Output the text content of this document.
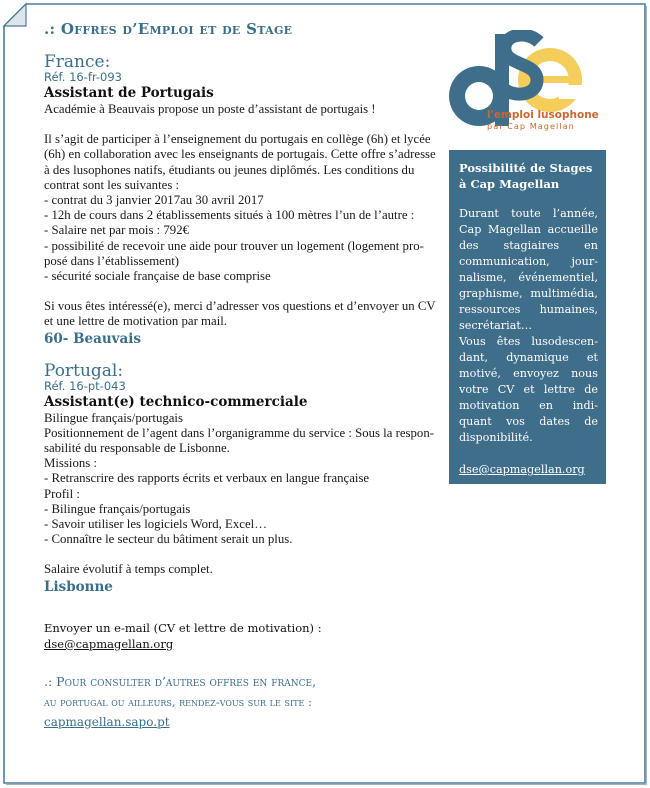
.: Offres d’Emploi et de Stage
France:
Réf. 16-fr-093
Assistant de Portugais

Académie à Beauvais propose un poste d’assistant de portugais !

Il s’agit de participer à l’enseignement du portugais en collège (6h) et lycée (6h) en collaboration avec les enseignants de portugais. Cette offre s’adresse à des lusophones natifs, étudiants ou jeunes diplômés. Les conditions du contrat sont les suivantes :

- contrat du 3 janvier 2017au 30 avril 2017

- 12h de cours dans 2 établissements situés à 100 mètres l’un de l’autre :

- Salaire net par mois : 792€

- possibilité de recevoir une aide pour trouver un logement (logement pro-posé dans l’établissement)

- sécurité sociale française de base comprise

Si vous êtes intéressé(e), merci d’adresser vos questions et d’envoyer un CV et une lettre de motivation par mail.

60- Beauvais
Portugal:
Réf. 16-pt-043
Assistant(e) technico-commerciale

Bilingue français/portugais

Positionnement de l’agent dans l’organigramme du service : Sous la respon-sabilité du responsable de Lisbonne.

Missions :

- Retranscrire des rapports écrits et verbaux en langue française

Profil :

- Bilingue français/portugais

- Savoir utiliser les logiciels Word, Excel…

- Connaître le secteur du bâtiment serait un plus.

Salaire évolutif à temps complet.

Lisbonne
Envoyer un e-mail (CV et lettre de motivation) :
dse@capmagellan.org
.: Pour consulter d’autres offres en france,
au portugal ou ailleurs, rendez-vous sur le site :
capmagellan.sapo.pt
l'emploi lusophone
par Cap Magellan
Possibilité de Stages à Cap Magellan
Durant toute l’année, Cap Magellan accueille des stagiaires en communication, jour-nalisme, événementiel, graphisme, multimédia, ressources humaines, secrétariat…
Vous êtes lusodescen-dant, dynamique et motivé, envoyez nous votre CV et lettre de motivation en indi-quant vos dates de disponibilité.
dse@capmagellan.org
